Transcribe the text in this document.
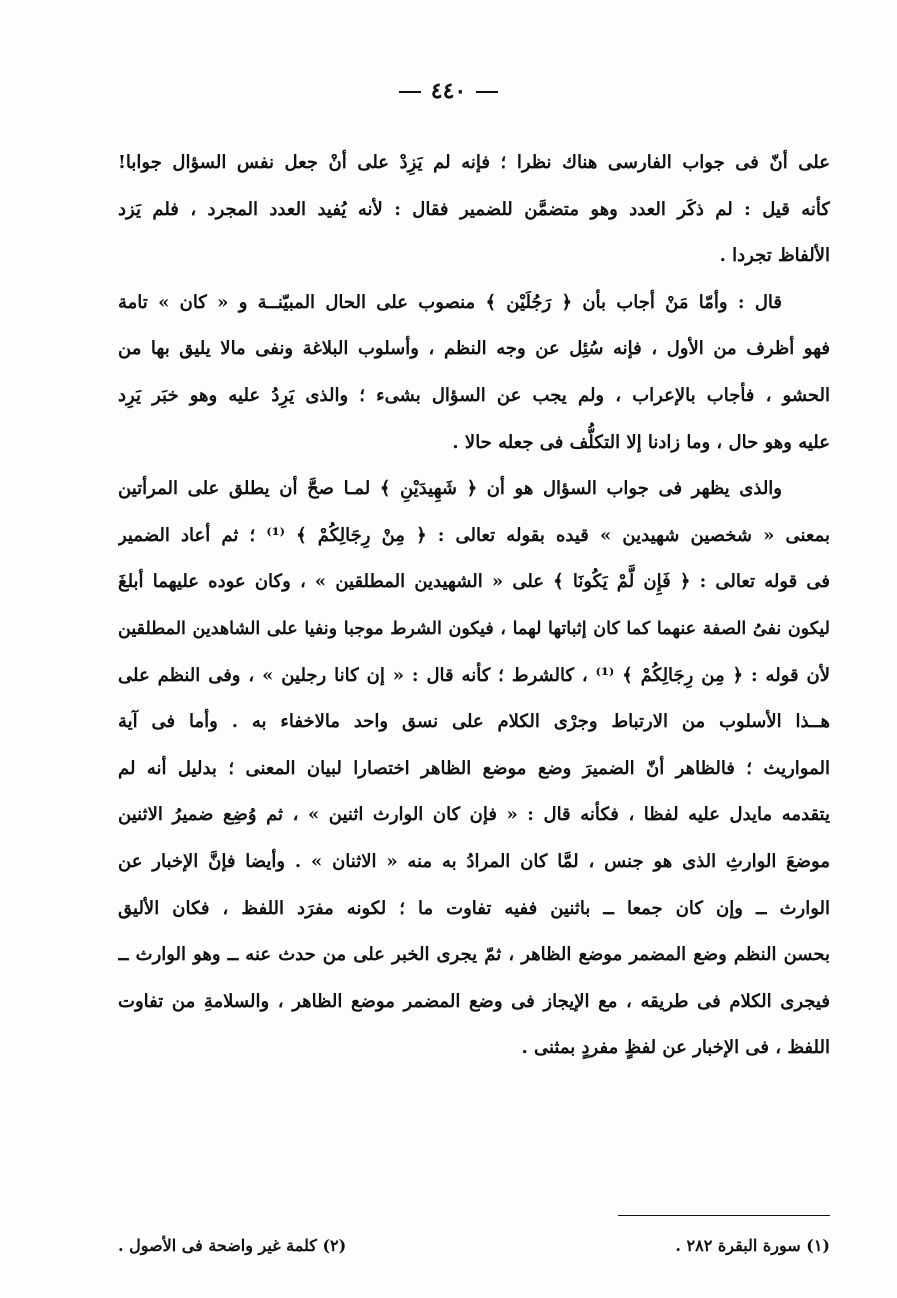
٤٤٠

على أنّ فى جواب الفارسى هناك نظرا ؛ فإنه لم يَزِدْ على أنْ جعل نفس السؤال جوابا!
كأنه قيل : لم ذكَر العدد وهو متضمَّن للضمير فقال : لأنه يُفيد العدد المجرد ، فلم يَزد
الألفاظ تجردا .

قال : وأمّا مَنْ أجاب بأن ﴿ رَجُلَيْن ﴾ منصوب على الحال المبيّنــة و « كان » تامة
فهو أظرف من الأول ، فإنه سُئِل عن وجه النظم ، وأسلوب البلاغة ونفى مالا يليق بها من
الحشو ، فأجاب بالإعراب ، ولم يجب عن السؤال بشىء ؛ والذى يَرِدُ عليه وهو خبَر يَرِد
عليه وهو حال ، وما زادنا إلا التكلُّف فى جعله حالا .

والذى يظهر فى جواب السؤال هو أن ﴿ شَهِيدَيْنِ ﴾ لمـا صحَّ أن يطلق على المرأتين
بمعنى « شخصين شهيدين » قيده بقوله تعالى : ﴿ مِنْ رِجَالِكُمْ ﴾ ⁽¹⁾ ؛ ثم أعاد الضمير
فى قوله تعالى : ﴿ فَإِن لَّمْ يَكُونَا ﴾ على « الشهيدين المطلقين » ، وكان عوده عليهما أبلغَ
ليكون نفىُ الصفة عنهما كما كان إثباتها لهما ، فيكون الشرط موجبا ونفيا على الشاهدين المطلقين
لأن قوله : ﴿ مِن رِجَالِكُمْ ﴾ ⁽¹⁾ ، كالشرط ؛ كأنه قال : « إن كانا رجلين » ، وفى النظم على
هــذا الأسلوب من الارتباط وجرْى الكلام على نسق واحد مالاخفاء به . وأما فى آية
المواريث ؛ فالظاهر أنّ الضميرَ وضع موضع الظاهر اختصارا لبيان المعنى ؛ بدليل أنه لم
يتقدمه مايدل عليه لفظا ، فكأنه قال : « فإن كان الوارث اثنين » ، ثم وُضِع ضميرُ الاثنين
موضعَ الوارثِ الذى هو جنس ، لمَّا كان المرادُ به منه « الاثنان » . وأيضا فإنَّ الإخبار عن
الوارث ــ وإن كان جمعا ــ باثنين ففيه تفاوت ما ؛ لكونه مفرَد اللفظ ، فكان الأليق
بحسن النظم وضع المضمر موضع الظاهر ، ثمّ يجرى الخبر على من حدث عنه ــ وهو الوارث ــ
فيجرى الكلام فى طريقه ، مع الإيجاز فى وضع المضمر موضع الظاهر ، والسلامةِ من تفاوت
اللفظ ، فى الإخبار عن لفظٍ مفردٍ بمثنى .

(١) سورة البقرة ٢٨٢ .
(٢) كلمة غير واضحة فى الأصول .
